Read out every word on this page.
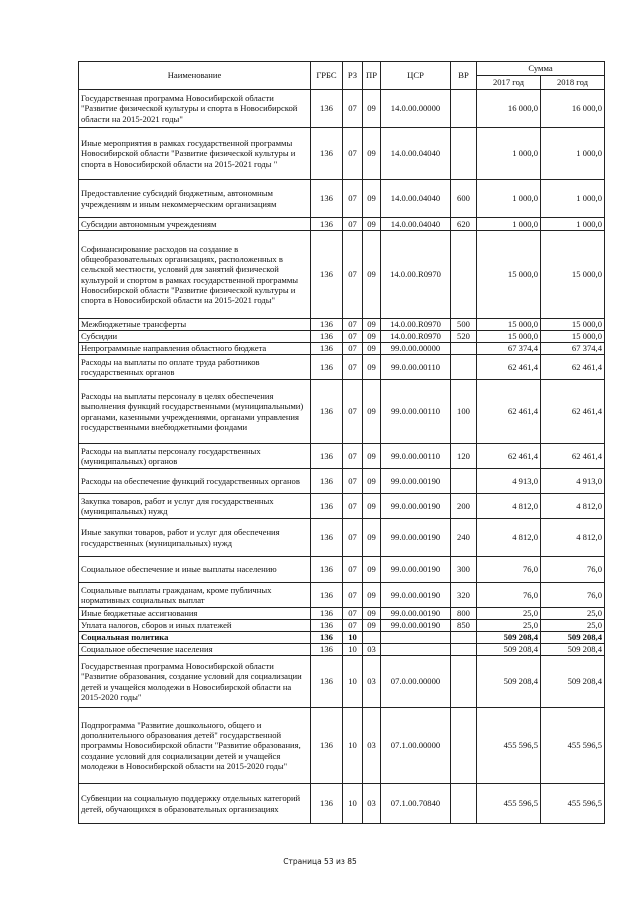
Наименование	ГРБС	РЗ	ПР	ЦСР	ВР	Сумма	
						2017 год	2018 год
Государственная программа Новосибирской области "Развитие физической культуры и спорта в Новосибирской области на 2015-2021 годы"	136	07	09	14.0.00.00000		16 000,0	16 000,0
Иные мероприятия в рамках государственной программы Новосибирской области "Развитие физической культуры и спорта в Новосибирской области на 2015-2021 годы "	136	07	09	14.0.00.04040		1 000,0	1 000,0
Предоставление субсидий бюджетным, автономным учреждениям и иным некоммерческим организациям	136	07	09	14.0.00.04040	600	1 000,0	1 000,0
Субсидии автономным учреждениям	136	07	09	14.0.00.04040	620	1 000,0	1 000,0
Софинансирование расходов на создание в общеобразовательных организациях, расположенных в сельской местности, условий для занятий физической культурой и спортом в рамках государственной программы Новосибирской области "Развитие физической культуры и спорта в Новосибирской области на 2015-2021 годы"	136	07	09	14.0.00.R0970		15 000,0	15 000,0
Межбюджетные трансферты	136	07	09	14.0.00.R0970	500	15 000,0	15 000,0
Субсидии	136	07	09	14.0.00.R0970	520	15 000,0	15 000,0
Непрограммные направления областного бюджета	136	07	09	99.0.00.00000		67 374,4	67 374,4
Расходы на выплаты по оплате труда работников государственных органов	136	07	09	99.0.00.00110		62 461,4	62 461,4
Расходы на выплаты персоналу в целях обеспечения выполнения функций государственными (муниципальными) органами, казенными учреждениями, органами управления государственными внебюджетными фондами	136	07	09	99.0.00.00110	100	62 461,4	62 461,4
Расходы на выплаты персоналу государственных (муниципальных) органов	136	07	09	99.0.00.00110	120	62 461,4	62 461,4
Расходы на обеспечение функций государственных органов	136	07	09	99.0.00.00190		4 913,0	4 913,0
Закупка товаров, работ и услуг для государственных (муниципальных) нужд	136	07	09	99.0.00.00190	200	4 812,0	4 812,0
Иные закупки товаров, работ и услуг для обеспечения государственных (муниципальных) нужд	136	07	09	99.0.00.00190	240	4 812,0	4 812,0
Социальное обеспечение и иные выплаты населению	136	07	09	99.0.00.00190	300	76,0	76,0
Социальные выплаты гражданам, кроме публичных нормативных социальных выплат	136	07	09	99.0.00.00190	320	76,0	76,0
Иные бюджетные ассигнования	136	07	09	99.0.00.00190	800	25,0	25,0
Уплата налогов, сборов и иных платежей	136	07	09	99.0.00.00190	850	25,0	25,0
Социальная политика	136	10				509 208,4	509 208,4
Социальное обеспечение населения	136	10	03			509 208,4	509 208,4
Государственная программа Новосибирской области "Развитие образования, создание условий для социализации детей и учащейся молодежи в Новосибирской области на 2015-2020 годы"	136	10	03	07.0.00.00000		509 208,4	509 208,4
Подпрограмма "Развитие дошкольного, общего и дополнительного образования детей" государственной программы Новосибирской области "Развитие образования, создание условий для социализации детей и учащейся молодежи в Новосибирской области на 2015-2020 годы"	136	10	03	07.1.00.00000		455 596,5	455 596,5
Субвенции на социальную поддержку отдельных категорий детей, обучающихся в образовательных организациях	136	10	03	07.1.00.70840		455 596,5	455 596,5
Страница 53 из 85
